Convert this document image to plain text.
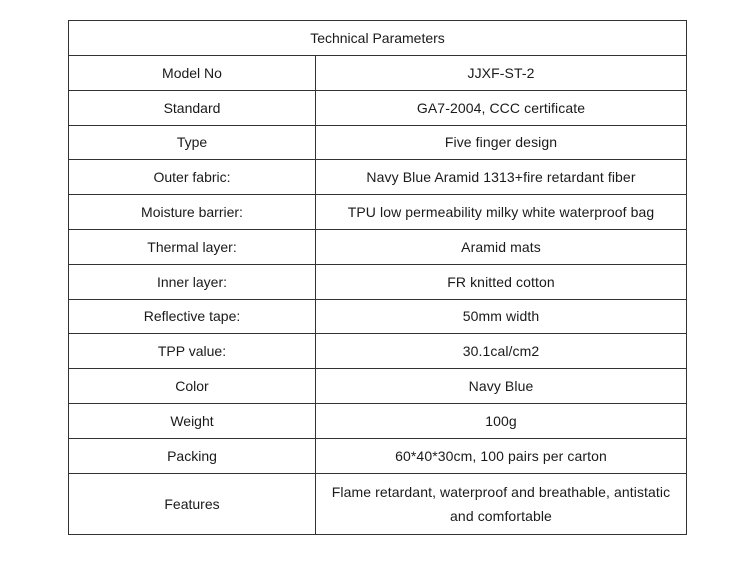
Technical Parameters	
Model No	JJXF-ST-2
Standard	GA7-2004, CCC certificate
Type	Five finger design
Outer fabric:	Navy Blue Aramid 1313+fire retardant fiber
Moisture barrier:	TPU low permeability milky white waterproof bag
Thermal layer:	Aramid mats
Inner layer:	FR knitted cotton
Reflective tape:	50mm width
TPP value:	30.1cal/cm2
Color	Navy Blue
Weight	100g
Packing	60*40*30cm, 100 pairs per carton
Features	Flame retardant, waterproof and breathable, antistatic and comfortable
